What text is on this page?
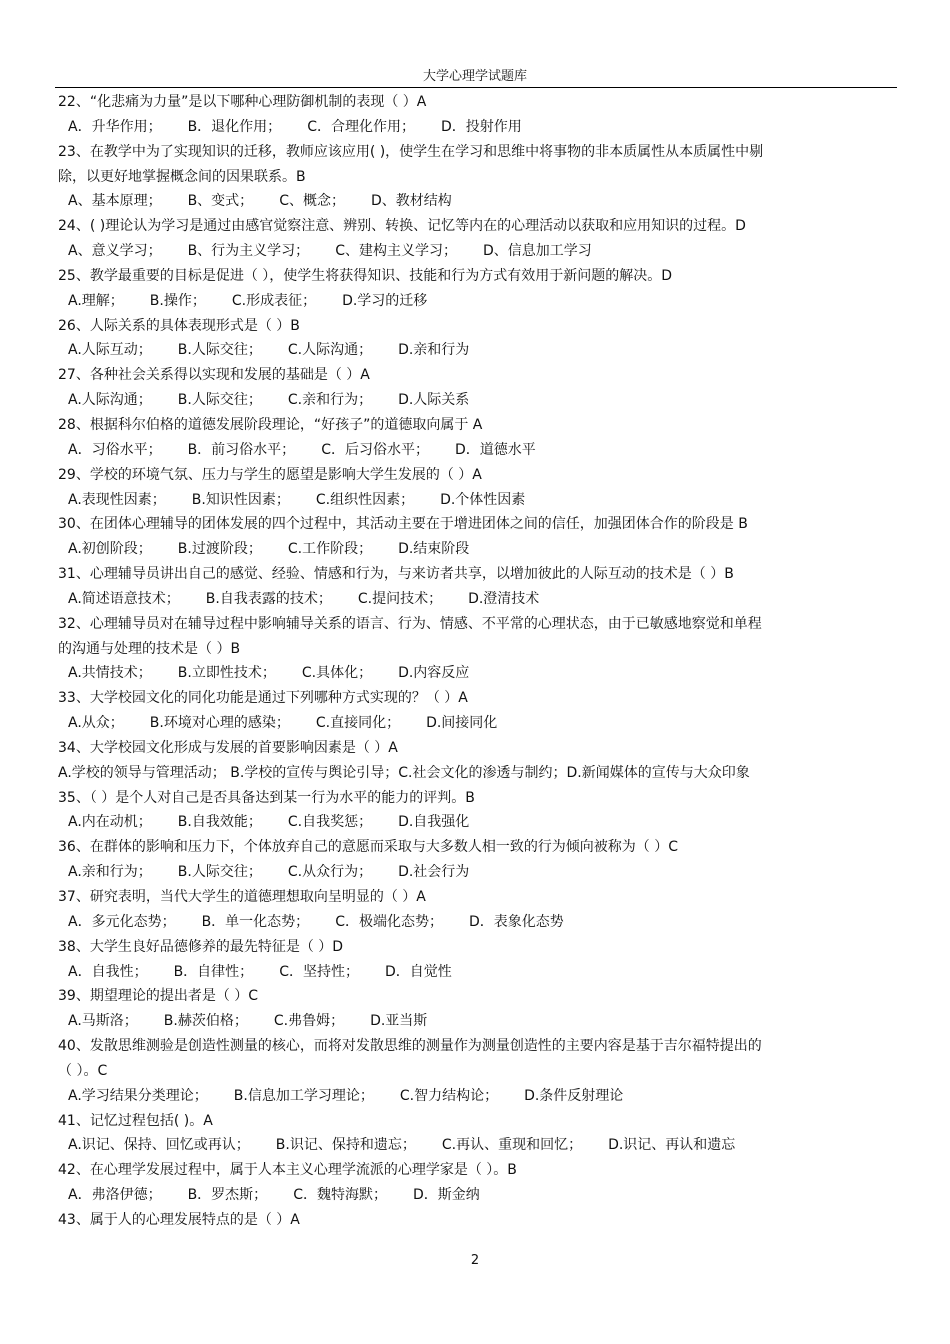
大学心理学试题库
22、“化悲痛为力量”是以下哪种心理防御机制的表现（ ）A
A．升华作用； B．退化作用； C．合理化作用； D．投射作用
23、在教学中为了实现知识的迁移，教师应该应用( )，使学生在学习和思维中将事物的非本质属性从本质属性中剔
除，以更好地掌握概念间的因果联系。B
A、基本原理； B、变式； C、概念； D、教材结构
24、( )理论认为学习是通过由感官觉察注意、辨别、转换、记忆等内在的心理活动以获取和应用知识的过程。D
A、意义学习； B、行为主义学习； C、建构主义学习； D、信息加工学习
25、教学最重要的目标是促进（ ），使学生将获得知识、技能和行为方式有效用于新问题的解决。D
A.理解； B.操作； C.形成表征； D.学习的迁移
26、人际关系的具体表现形式是（ ）B
A.人际互动； B.人际交往； C.人际沟通； D.亲和行为
27、各种社会关系得以实现和发展的基础是（ ）A
A.人际沟通； B.人际交往； C.亲和行为； D.人际关系
28、根据科尔伯格的道德发展阶段理论，“好孩子”的道德取向属于 A
A．习俗水平； B．前习俗水平； C．后习俗水平； D．道德水平
29、学校的环境气氛、压力与学生的愿望是影响大学生发展的（ ）A
A.表现性因素； B.知识性因素； C.组织性因素； D.个体性因素
30、在团体心理辅导的团体发展的四个过程中，其活动主要在于增进团体之间的信任，加强团体合作的阶段是 B
A.初创阶段； B.过渡阶段； C.工作阶段； D.结束阶段
31、心理辅导员讲出自己的感觉、经验、情感和行为，与来访者共享，以增加彼此的人际互动的技术是（ ）B
A.简述语意技术； B.自我表露的技术； C.提问技术； D.澄清技术
32、心理辅导员对在辅导过程中影响辅导关系的语言、行为、情感、不平常的心理状态，由于已敏感地察觉和单程
的沟通与处理的技术是（ ）B
A.共情技术； B.立即性技术； C.具体化； D.内容反应
33、大学校园文化的同化功能是通过下列哪种方式实现的？（ ）A
A.从众； B.环境对心理的感染； C.直接同化； D.间接同化
34、大学校园文化形成与发展的首要影响因素是（ ）A
A.学校的领导与管理活动； B.学校的宣传与舆论引导；C.社会文化的渗透与制约；D.新闻媒体的宣传与大众印象
35、（ ）是个人对自己是否具备达到某一行为水平的能力的评判。B
A.内在动机； B.自我效能； C.自我奖惩； D.自我强化
36、在群体的影响和压力下，个体放弃自己的意愿而采取与大多数人相一致的行为倾向被称为（ ）C
A.亲和行为； B.人际交往； C.从众行为； D.社会行为
37、研究表明，当代大学生的道德理想取向呈明显的（ ）A
A．多元化态势； B．单一化态势； C．极端化态势； D．表象化态势
38、大学生良好品德修养的最先特征是（ ）D
A．自我性； B．自律性； C．坚持性； D．自觉性
39、期望理论的提出者是（ ）C
A.马斯洛； B.赫茨伯格； C.弗鲁姆； D.亚当斯
40、发散思维测验是创造性测量的核心，而将对发散思维的测量作为测量创造性的主要内容是基于吉尔福特提出的
（ ）。C
A.学习结果分类理论； B.信息加工学习理论； C.智力结构论； D.条件反射理论
41、记忆过程包括( )。A
A.识记、保持、回忆或再认； B.识记、保持和遗忘； C.再认、重现和回忆； D.识记、再认和遗忘
42、在心理学发展过程中，属于人本主义心理学流派的心理学家是（ ）。B
A．弗洛伊德； B．罗杰斯； C．魏特海默； D．斯金纳
43、属于人的心理发展特点的是（ ）A
2
